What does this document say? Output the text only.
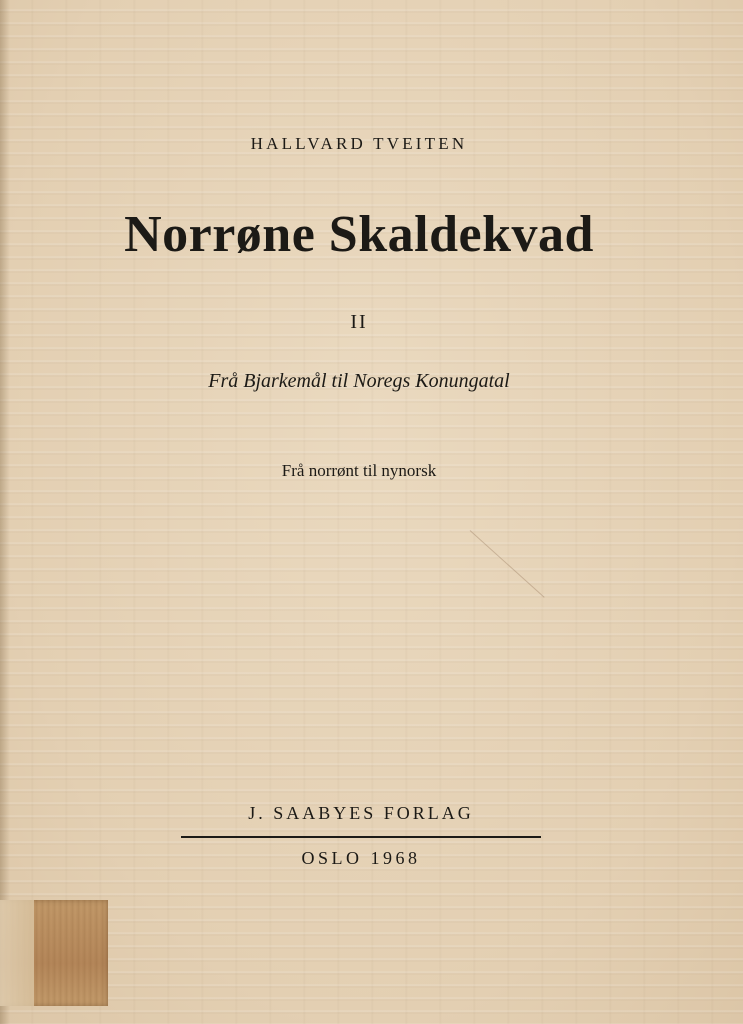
HALLVARD TVEITEN
Norrøne Skaldekvad
II
Frå Bjarkemål til Noregs Konungatal
Frå norrønt til nynorsk
J. SAABYES FORLAG
OSLO 1968
